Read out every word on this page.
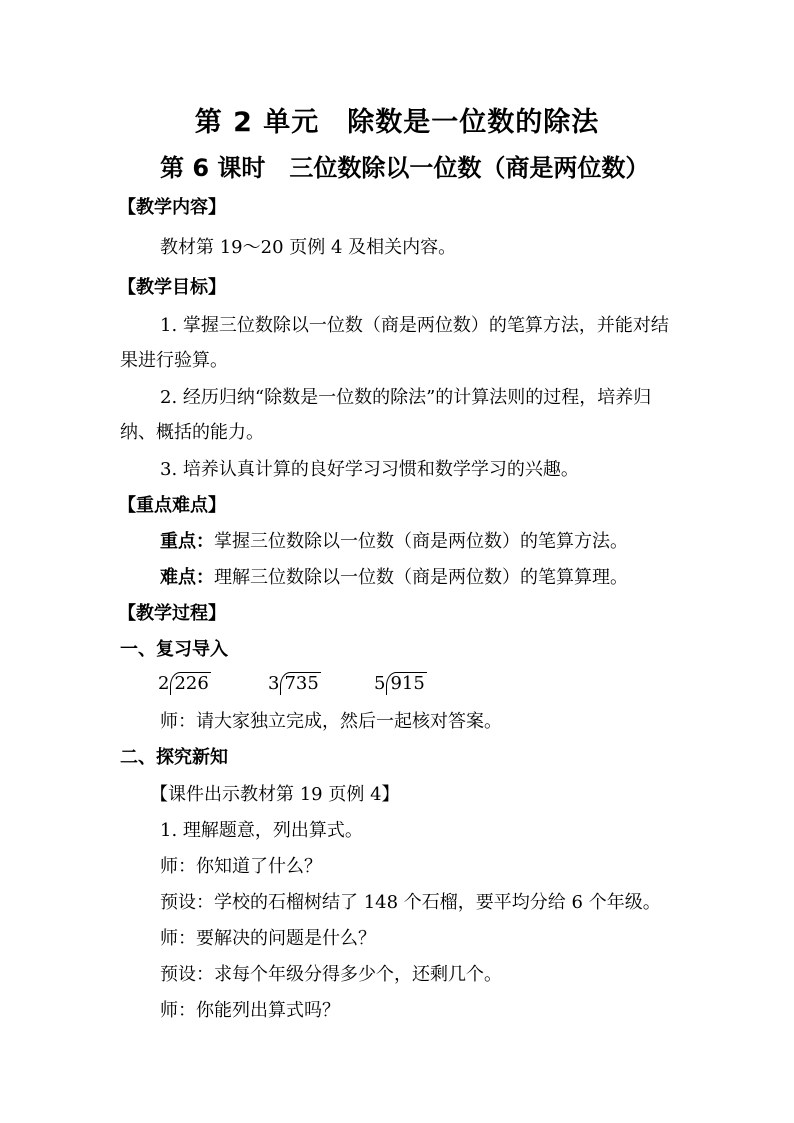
第 2 单元　除数是一位数的除法
第 6 课时　三位数除以一位数（商是两位数）
【教学内容】
教材第 19～20 页例 4 及相关内容。
【教学目标】
1. 掌握三位数除以一位数（商是两位数）的笔算方法，并能对结
果进行验算。
2. 经历归纳“除数是一位数的除法”的计算法则的过程，培养归
纳、概括的能力。
3. 培养认真计算的良好学习习惯和数学学习的兴趣。
【重点难点】
重点：掌握三位数除以一位数（商是两位数）的笔算方法。
难点：理解三位数除以一位数（商是两位数）的笔算算理。
【教学过程】
一、复习导入
2 226	3 735	5 915
师：请大家独立完成，然后一起核对答案。
二、探究新知
【课件出示教材第 19 页例 4】
1. 理解题意，列出算式。
师：你知道了什么？
预设：学校的石榴树结了 148 个石榴，要平均分给 6 个年级。
师：要解决的问题是什么？
预设：求每个年级分得多少个，还剩几个。
师：你能列出算式吗？
